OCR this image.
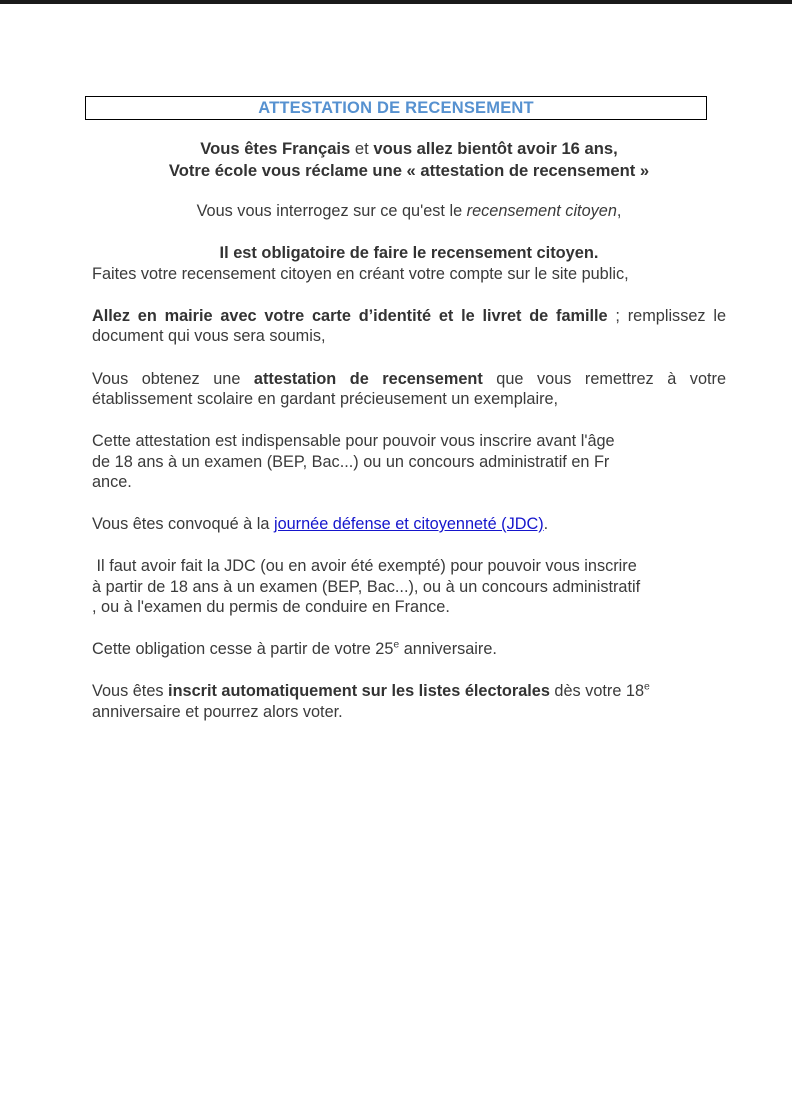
ATTESTATION DE RECENSEMENT
Vous êtes Français et vous allez bientôt avoir 16 ans,
Votre école vous réclame une « attestation de recensement »

Vous vous interrogez sur ce qu'est le recensement citoyen,

Il est obligatoire de faire le recensement citoyen.

Faites votre recensement citoyen en créant votre compte sur le site public,

Allez en mairie avec votre carte d’identité et le livret de famille ; remplissez le document qui vous sera soumis,

Vous obtenez une attestation de recensement que vous remettrez à votre établissement scolaire en gardant précieusement un exemplaire,

Cette attestation est indispensable pour pouvoir vous inscrire avant l'âge
de 18 ans à un examen (BEP, Bac...) ou un concours administratif en Fr
ance.

Vous êtes convoqué à la journée défense et citoyenneté (JDC).

Il faut avoir fait la JDC (ou en avoir été exempté) pour pouvoir vous inscrire
à partir de 18 ans à un examen (BEP, Bac...), ou à un concours administratif
, ou à l'examen du permis de conduire en France.

Cette obligation cesse à partir de votre 25e anniversaire.

Vous êtes inscrit automatiquement sur les listes électorales dès votre 18e anniversaire et pourrez alors voter.
